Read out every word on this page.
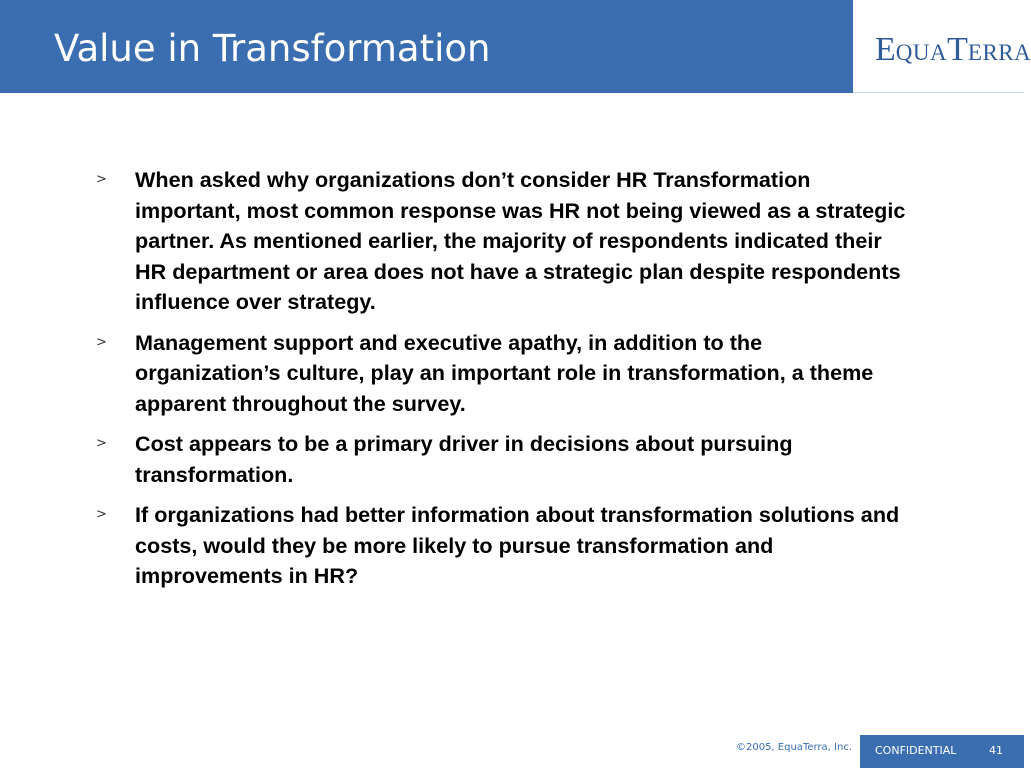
Value in Transformation	EQUATERRA
> When asked why organizations don’t consider HR Transformation important, most common response was HR not being viewed as a strategic partner. As mentioned earlier, the majority of respondents indicated their HR department or area does not have a strategic plan despite respondents influence over strategy.
> Management support and executive apathy, in addition to the organization’s culture, play an important role in transformation, a theme apparent throughout the survey.
> Cost appears to be a primary driver in decisions about pursuing transformation.
> If organizations had better information about transformation solutions and costs, would they be more likely to pursue transformation and improvements in HR?
©2005, EquaTerra, Inc. CONFIDENTIAL	41
